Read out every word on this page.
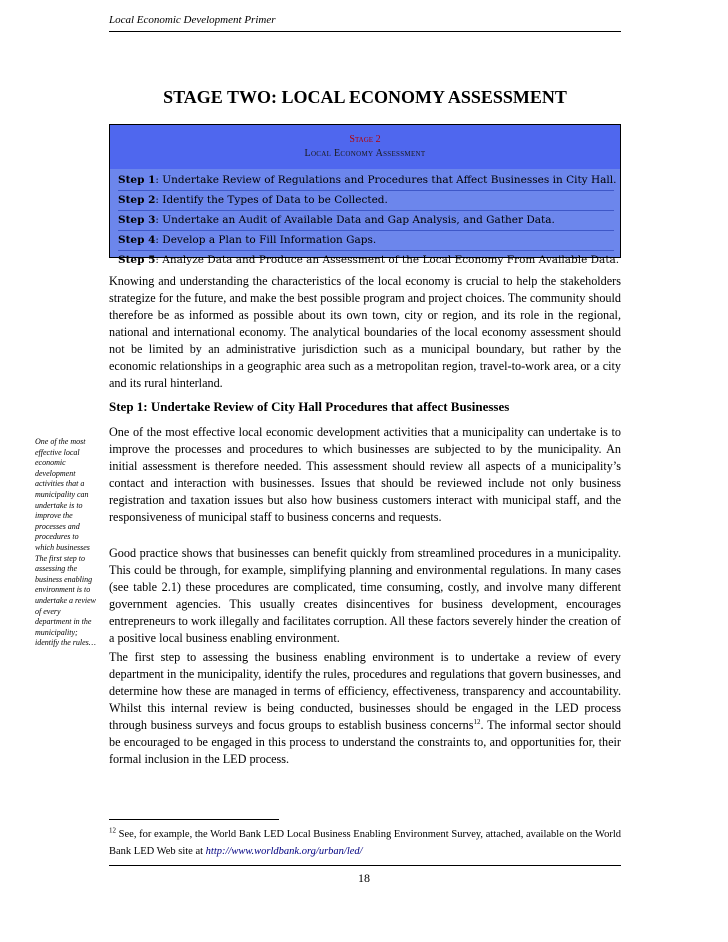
Local Economic Development Primer
STAGE TWO: LOCAL ECONOMY ASSESSMENT
Stage 2
Local Economy Assessment
Step 1: Undertake Review of Regulations and Procedures that Affect Businesses in City Hall.
Step 2: Identify the Types of Data to be Collected.
Step 3: Undertake an Audit of Available Data and Gap Analysis, and Gather Data.
Step 4: Develop a Plan to Fill Information Gaps.
Step 5: Analyze Data and Produce an Assessment of the Local Economy From Available Data.
Knowing and understanding the characteristics of the local economy is crucial to help the stakeholders strategize for the future, and make the best possible program and project choices. The community should therefore be as informed as possible about its own town, city or region, and its role in the regional, national and international economy. The analytical boundaries of the local economy assessment should not be limited by an administrative jurisdiction such as a municipal boundary, but rather by the economic relationships in a geographic area such as a metropolitan region, travel-to-work area, or a city and its rural hinterland.
Step 1: Undertake Review of City Hall Procedures that affect Businesses
One of the most effective local economic development activities that a municipality can undertake is to improve the processes and procedures to which businesses are subjected to by the municipality. An initial assessment is therefore needed. This assessment should review all aspects of a municipality’s contact and interaction with businesses. Issues that should be reviewed include not only business registration and taxation issues but also how business customers interact with municipal staff, and the responsiveness of municipal staff to business concerns and requests.
Good practice shows that businesses can benefit quickly from streamlined procedures in a municipality. This could be through, for example, simplifying planning and environmental regulations. In many cases (see table 2.1) these procedures are complicated, time consuming, costly, and involve many different government agencies. This usually creates disincentives for business development, encourages entrepreneurs to work illegally and facilitates corruption. All these factors severely hinder the creation of a positive local business enabling environment.
The first step to assessing the business enabling environment is to undertake a review of every department in the municipality, identify the rules, procedures and regulations that govern businesses, and determine how these are managed in terms of efficiency, effectiveness, transparency and accountability. Whilst this internal review is being conducted, businesses should be engaged in the LED process through business surveys and focus groups to establish business concerns$^{12}$. The informal sector should be encouraged to be engaged in this process to understand the constraints to, and opportunities for, their formal inclusion in the LED process.
One of the most effective local economic development activities that a municipality can undertake is to improve the processes and procedures to which businesses The first step to assessing the business enabling environment is to undertake a review of every department in the municipality; identify the rules…
$^{12}$ See, for example, the World Bank LED Local Business Enabling Environment Survey, attached, available on the World Bank LED Web site at http://www.worldbank.org/urban/led/
18
